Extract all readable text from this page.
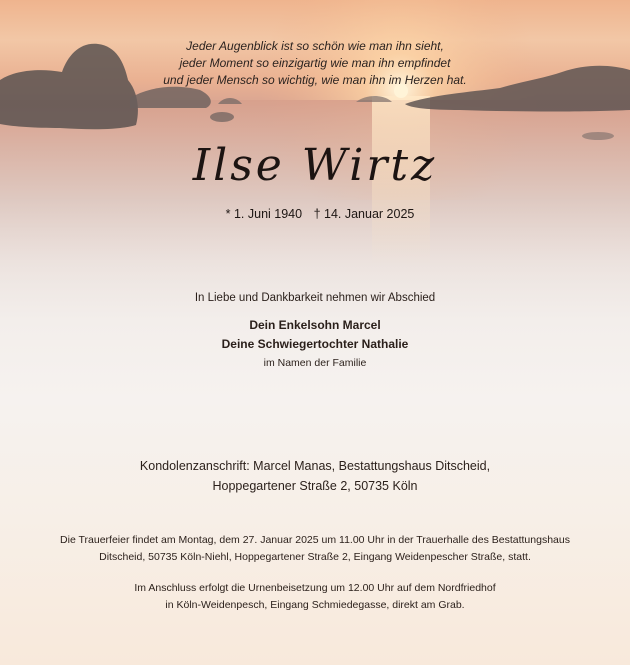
Jeder Augenblick ist so schön wie man ihn sieht,
jeder Moment so einzigartig wie man ihn empfindet
und jeder Mensch so wichtig, wie man ihn im Herzen hat.
Ilse Wirtz
* 1. Juni 1940 † 14. Januar 2025
In Liebe und Dankbarkeit nehmen wir Abschied
Dein Enkelsohn Marcel
Deine Schwiegertochter Nathalie
im Namen der Familie
Kondolenzanschrift: Marcel Manas, Bestattungshaus Ditscheid,
Hoppegartener Straße 2, 50735 Köln
Die Trauerfeier findet am Montag, dem 27. Januar 2025 um 11.00 Uhr in der Trauerhalle des Bestattungshaus
Ditscheid, 50735 Köln-Niehl, Hoppegartener Straße 2, Eingang Weidenpescher Straße, statt.
Im Anschluss erfolgt die Urnenbeisetzung um 12.00 Uhr auf dem Nordfriedhof
in Köln-Weidenpesch, Eingang Schmiedegasse, direkt am Grab.
